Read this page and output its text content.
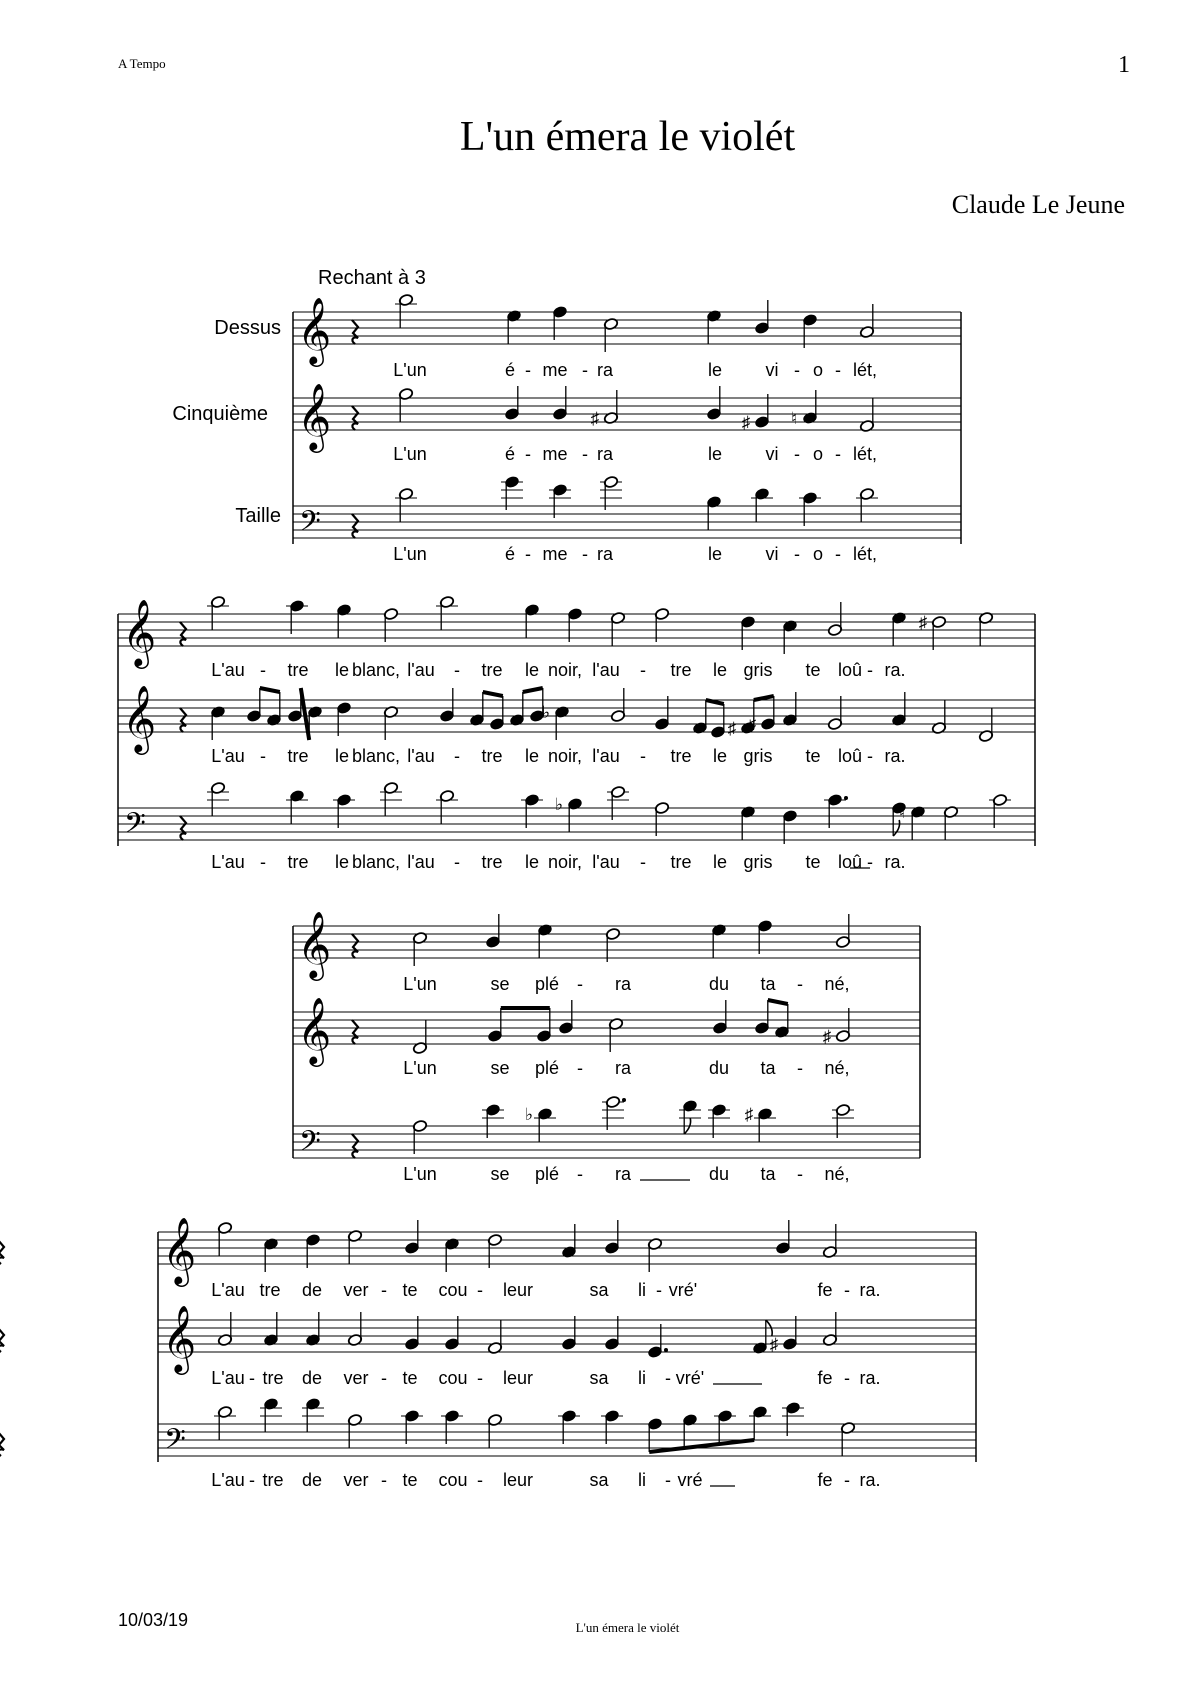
A Tempo	1
L'un émera le violét
Claude Le Jeune
Rechant à 3
Dessus
Cinquième
Taille
𝄞
L'un	é - me - ra	le vi - o - lét,
𝄞	♯	♯ ♮
L'un	é - me - ra	le vi - o - lét,
𝄢
L'un	é - me - ra	le vi - o - lét,
𝄞	♯
L'au - tre le blanc, l'au - tre le noir, l'au - tre le gris te loû - ra.
𝄞	♭
♯ ♯
L'au - tre le blanc, l'au - tre le noir, l'au - tre le gris te loû - ra.
𝄢
♭	♮
L'au - tre le blanc, l'au - tre le noir, l'au - tre le gris te loû - ra.
𝄞
L'un	se plé - ra	du ta - né,
𝄞	♯
L'un	se plé - ra	du ta - né,
𝄢
♭	♯
L'un	se plé - ra	du ta - né,
𝄞
L'au tre de ver - te cou - leur	sa li - vré'	fe - ra.
𝄞	♯
L'au - tre de ver - te cou - leur	sa li - vré'	fe - ra.
𝄢
L'au - tre de ver - te cou - leur	sa li - vré	fe - ra.
10/03/19	L'un émera le violét
